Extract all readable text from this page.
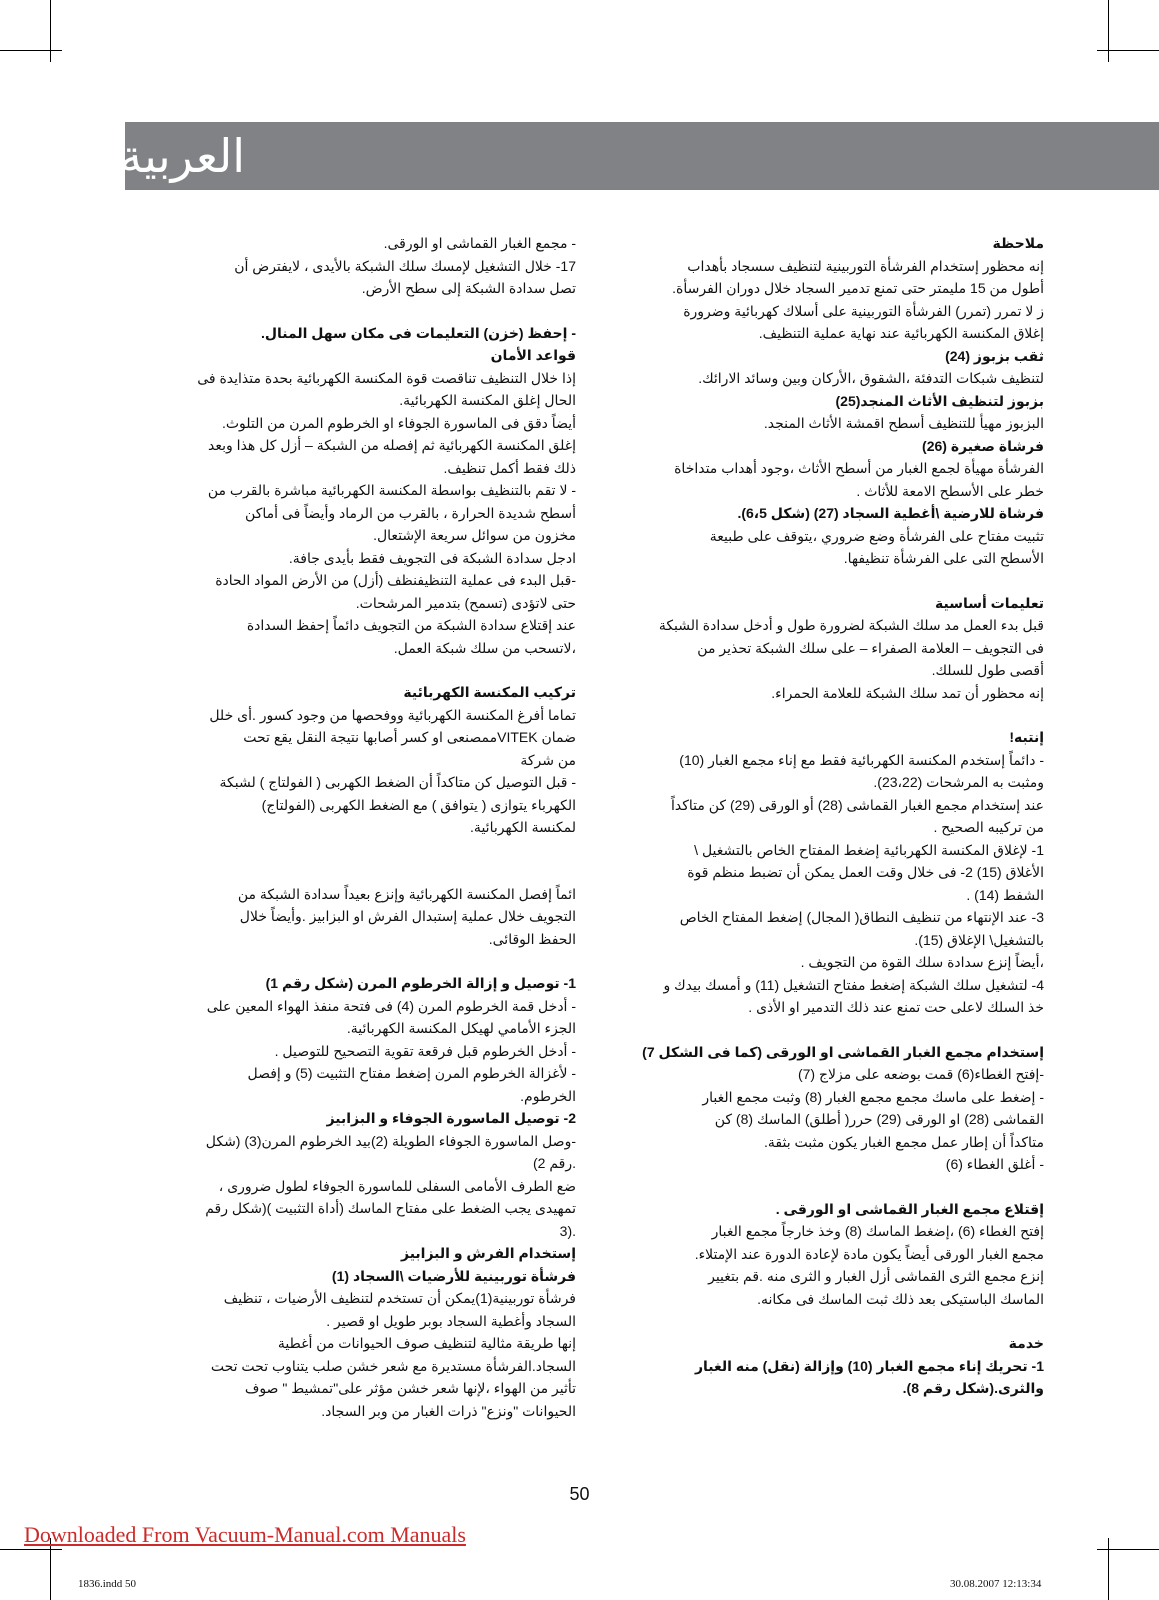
العربية
ملاحظة
إنه محظور إستخدام الفرشأة التوربينية لتنظيف سسجاد بأهداب
أطول من 15 مليمتر حتى تمنع تدمير السجاد خلال دوران الفرسأة.
ز لا تمرر (تمرر) الفرشأة التوربينية على أسلاك كهربائية وضرورة
إغلاق المكنسة الكهربائية عند نهاية عملية التنظيف.
ثقب بزبوز (24)
لتنظيف شبكات التدفئة ،الشقوق ،الأركان وبين وسائد الارائك.
بزبوز لتنظيف الأثاث المنجد(25)
البزبوز مهيأ للتنظيف أسطح اقمشة الأثاث المنجد.
فرشاة صغيرة (26)
الفرشأة مهيأة لجمع الغبار من أسطح الأثاث ،وجود أهداب متداخاة
خطر على الأسطح الامعة للأثاث .
فرشاة للارضية \أغطية السجاد (27) (شكل 6،5).
تثبيت مفتاح على الفرشأة وضع ضروري ،يتوقف على طبيعة
الأسطح التى على الفرشأة تنظيفها.
تعليمات أساسية
قبل بدء العمل مد سلك الشبكة لضرورة طول و أدخل سدادة الشبكة
فى التجويف – العلامة الصفراء – على سلك الشبكة تحذير من
أقصى طول للسلك.
إنه محظور أن تمد سلك الشبكة للعلامة الحمراء.
إنتبه!
- دائماً إستخدم المكنسة الكهربائية فقط مع إناء مجمع الغبار (10)
ومثبت به المرشحات (23،22).
عند إستخدام مجمع الغبار القماشى (28) أو الورقى (29) كن متاكداً
من تركيبه الصحيح .
1- لإغلاق المكنسة الكهربائية إضغط المفتاح الخاص بالتشغيل \
الأغلاق (15) 2- فى خلال وقت العمل يمكن أن تضبط منظم قوة
الشفط (14) .
3- عند الإنتهاء من تنظيف النطاق( المجال) إضغط المفتاح الخاص
بالتشغيل\ الإغلاق (15).
،أيضاً إنزع سدادة سلك القوة من التجويف .
4- لتشغيل سلك الشبكة إضغط مفتاح التشغيل (11) و أمسك بيدك و
خذ السلك لاعلى حت تمنع عند ذلك التدمير او الأذى .
إستخدام مجمع الغبار القماشى او الورقى (كما فى الشكل 7)
-إفتح الغطاء(6) قمت بوضعه على مزلاج (7)
- إضغط على ماسك مجمع مجمع الغبار (8) وثبت مجمع الغبار
القماشى (28) او الورقى (29) حرر( أطلق) الماسك (8) كن
متاكداً أن إطار عمل مجمع الغبار يكون مثبت بثقة.
- أغلق الغطاء (6)
إقتلاع مجمع الغبار القماشى او الورقى .
إفتح الغطاء (6) ،إضغط الماسك (8) وخذ خارجاً مجمع الغبار
مجمع الغبار الورقى أيضاً يكون مادة لإعادة الدورة عند الإمتلاء.
إنزع مجمع الثرى القماشى أزل الغبار و الثرى منه .قم بتغيير
الماسك الباستيكى بعد ذلك ثبت الماسك فى مكانه.
خدمة
1- تحريك إناء مجمع الغبار (10) وإزالة (نقل) منه الغبار
والثرى.(شكل رقم 8).
- مجمع الغبار القماشى او الورقى.
17- خلال التشغيل لإمسك سلك الشبكة بالأيدى ، لايفترض أن
تصل سدادة الشبكة إلى سطح الأرض.
- إحفظ (خزن) التعليمات فى مكان سهل المنال.
قواعد الأمان
إذا خلال التنظيف تناقصت قوة المكنسة الكهربائية بحدة متذايدة فى
الحال إغلق المكنسة الكهربائية.
أيضاً دقق فى الماسورة الجوفاء او الخرطوم المرن من التلوث.
إغلق المكنسة الكهربائية ثم إفصله من الشبكة – أزل كل هذا وبعد
ذلك فقط أكمل تنظيف.
- لا تقم بالتنظيف بواسطة المكنسة الكهربائية مباشرة بالقرب من
أسطح شديدة الحرارة ، بالقرب من الرماد وأيضاً فى أماكن
مخزون من سوائل سريعة الإشتعال.
ادجل سدادة الشبكة فى التجويف فقط بأيدى جافة.
-قبل البدء فى عملية التنظيفنظف (أزل) من الأرض المواد الحادة
حتى لاتؤدى (تسمح) بتدمير المرشحات.
عند إقتلاع سدادة الشبكة من التجويف دائماً إحفظ السدادة
،لاتسحب من سلك شبكة العمل.
تركيب المكنسة الكهربائية
تماما أفرغ المكنسة الكهربائية ووفحصها من وجود كسور .أى خلل
ضمان VITEKممصنعى او كسر أصابها نتيجة النقل يقع تحت
من شركة
- قبل التوصيل كن متاكداً أن الضغط الكهربى ( الفولتاج ) لشبكة
الكهرباء يتوازى ( يتوافق ) مع الضغط الكهربى (الفولتاج)
لمكنسة الكهربائية.
ائماً إفصل المكنسة الكهربائية وإنزع بعيداً سدادة الشبكة من
التجويف خلال عملية إستبدال الفرش او البزابيز .وأيضاً خلال
الحفظ الوقائى.
1- توصيل و إزالة الخرطوم المرن (شكل رقم 1)
- أدخل قمة الخرطوم المرن (4) فى فتحة منفذ الهواء المعين على
الجزء الأمامي لهيكل المكنسة الكهربائية.
- أدخل الخرطوم قبل فرقعة تقوية التصحيح للتوصيل .
- لأغزالة الخرطوم المرن إضغط مفتاح التثبيت (5) و إفصل
الخرطوم.
2- توصيل الماسورة الجوفاء و البزابيز
-وصل الماسورة الجوفاء الطويلة (2)بيد الخرطوم المرن(3) (شكل
.رقم 2)
ضع الطرف الأمامى السفلى للماسورة الجوفاء لطول ضرورى ،
تمهيدى يجب الضغط على مفتاح الماسك (أداة التثبيت )(شكل رقم
.(3
إستخدام الفرش و البزابيز
فرشأة توربينية للأرضيات \السجاد (1)
فرشأة توربينية(1)يمكن أن تستخدم لتنظيف الأرضيات ، تنظيف
السجاد وأغطية السجاد بوبر طويل او قصير .
إنها طريقة مثالية لتنظيف صوف الحيوانات من أغطية
السجاد.الفرشأة مستديرة مع شعر خشن صلب يتناوب تحت تحت
تأثير من الهواء ،لإنها شعر خشن مؤثر على"تمشيط " صوف
الحيوانات "ونزع" ذرات الغبار من وبر السجاد.
50
Downloaded From Vacuum-Manual.com Manuals
1836.indd 50	30.08.2007 12:13:34
